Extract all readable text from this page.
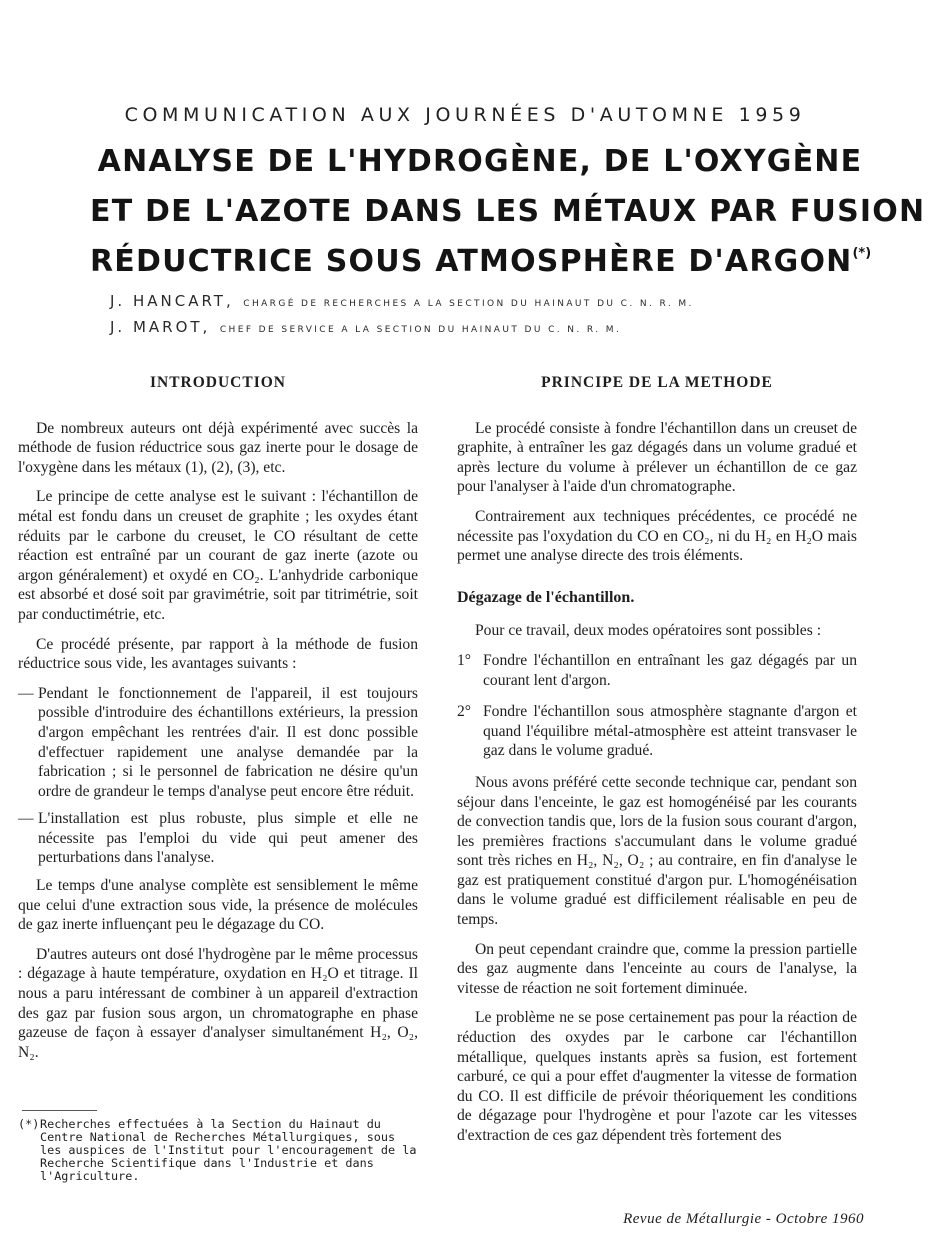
COMMUNICATION AUX JOURNÉES D'AUTOMNE 1959
ANALYSE DE L'HYDROGÈNE, DE L'OXYGÈNE
ET DE L'AZOTE DANS LES MÉTAUX PAR FUSION
RÉDUCTRICE SOUS ATMOSPHÈRE D'ARGON(*)
J. HANCART, CHARGÉ DE RECHERCHES A LA SECTION DU HAINAUT DU C. N. R. M.
J. MAROT, CHEF DE SERVICE A LA SECTION DU HAINAUT DU C. N. R. M.
INTRODUCTION

De nombreux auteurs ont déjà expérimenté avec succès la méthode de fusion réductrice sous gaz inerte pour le dosage de l'oxygène dans les métaux (1), (2), (3), etc.

Le principe de cette analyse est le suivant : l'échantillon de métal est fondu dans un creuset de graphite ; les oxydes étant réduits par le carbone du creuset, le CO résultant de cette réaction est entraîné par un courant de gaz inerte (azote ou argon généralement) et oxydé en CO₂. L'anhydride carbonique est absorbé et dosé soit par gravimétrie, soit par titrimétrie, soit par conductimétrie, etc.

Ce procédé présente, par rapport à la méthode de fusion réductrice sous vide, les avantages suivants :

— Pendant le fonctionnement de l'appareil, il est toujours possible d'introduire des échantillons extérieurs, la pression d'argon empêchant les rentrées d'air. Il est donc possible d'effectuer rapidement une analyse demandée par la fabrication ; si le personnel de fabrication ne désire qu'un ordre de grandeur le temps d'analyse peut encore être réduit.

— L'installation est plus robuste, plus simple et elle ne nécessite pas l'emploi du vide qui peut amener des perturbations dans l'analyse.

Le temps d'une analyse complète est sensiblement le même que celui d'une extraction sous vide, la présence de molécules de gaz inerte influençant peu le dégazage du CO.

D'autres auteurs ont dosé l'hydrogène par le même processus : dégazage à haute température, oxydation en H₂O et titrage. Il nous a paru intéressant de combiner à un appareil d'extraction des gaz par fusion sous argon, un chromatographe en phase gazeuse de façon à essayer d'analyser simultanément H₂, O₂, N₂.

(*) Recherches effectuées à la Section du Hainaut du Centre National de Recherches Métallurgiques, sous les auspices de l'Institut pour l'encouragement de la Recherche Scientifique dans l'Industrie et dans l'Agriculture.
PRINCIPE DE LA METHODE

Le procédé consiste à fondre l'échantillon dans un creuset de graphite, à entraîner les gaz dégagés dans un volume gradué et après lecture du volume à prélever un échantillon de ce gaz pour l'analyser à l'aide d'un chromatographe.

Contrairement aux techniques précédentes, ce procédé ne nécessite pas l'oxydation du CO en CO₂, ni du H₂ en H₂O mais permet une analyse directe des trois éléments.

Dégazage de l'échantillon.

Pour ce travail, deux modes opératoires sont possibles :

1° Fondre l'échantillon en entraînant les gaz dégagés par un courant lent d'argon.

2° Fondre l'échantillon sous atmosphère stagnante d'argon et quand l'équilibre métal-atmosphère est atteint transvaser le gaz dans le volume gradué.

Nous avons préféré cette seconde technique car, pendant son séjour dans l'enceinte, le gaz est homogénéisé par les courants de convection tandis que, lors de la fusion sous courant d'argon, les premières fractions s'accumulant dans le volume gradué sont très riches en H₂, N₂, O₂ ; au contraire, en fin d'analyse le gaz est pratiquement constitué d'argon pur. L'homogénéisation dans le volume gradué est difficilement réalisable en peu de temps.

On peut cependant craindre que, comme la pression partielle des gaz augmente dans l'enceinte au cours de l'analyse, la vitesse de réaction ne soit fortement diminuée.

Le problème ne se pose certainement pas pour la réaction de réduction des oxydes par le carbone car l'échantillon métallique, quelques instants après sa fusion, est fortement carburé, ce qui a pour effet d'augmenter la vitesse de formation du CO. Il est difficile de prévoir théoriquement les conditions de dégazage pour l'hydrogène et pour l'azote car les vitesses d'extraction de ces gaz dépendent très fortement des

Revue de Métallurgie - Octobre 1960
